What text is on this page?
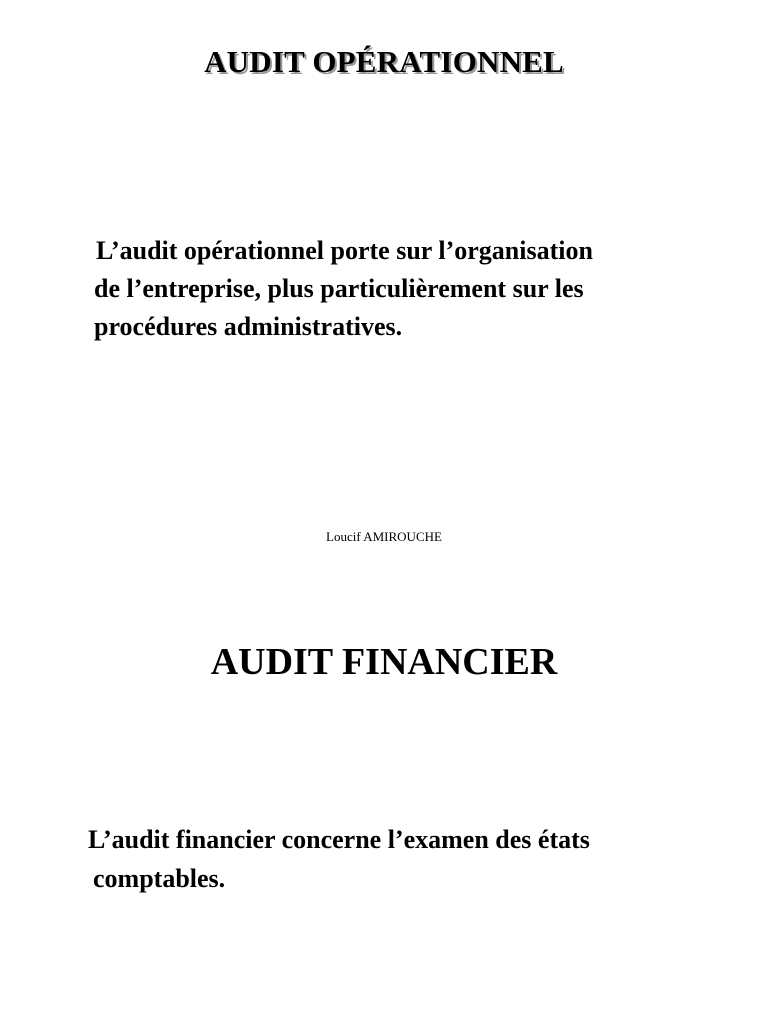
AUDIT OPÉRATIONNEL

L’audit opérationnel porte sur l’organisation
de l’entreprise, plus particulièrement sur les
procédures administratives.

Loucif AMIROUCHE

AUDIT FINANCIER

L’audit financier concerne l’examen des états
comptables.
